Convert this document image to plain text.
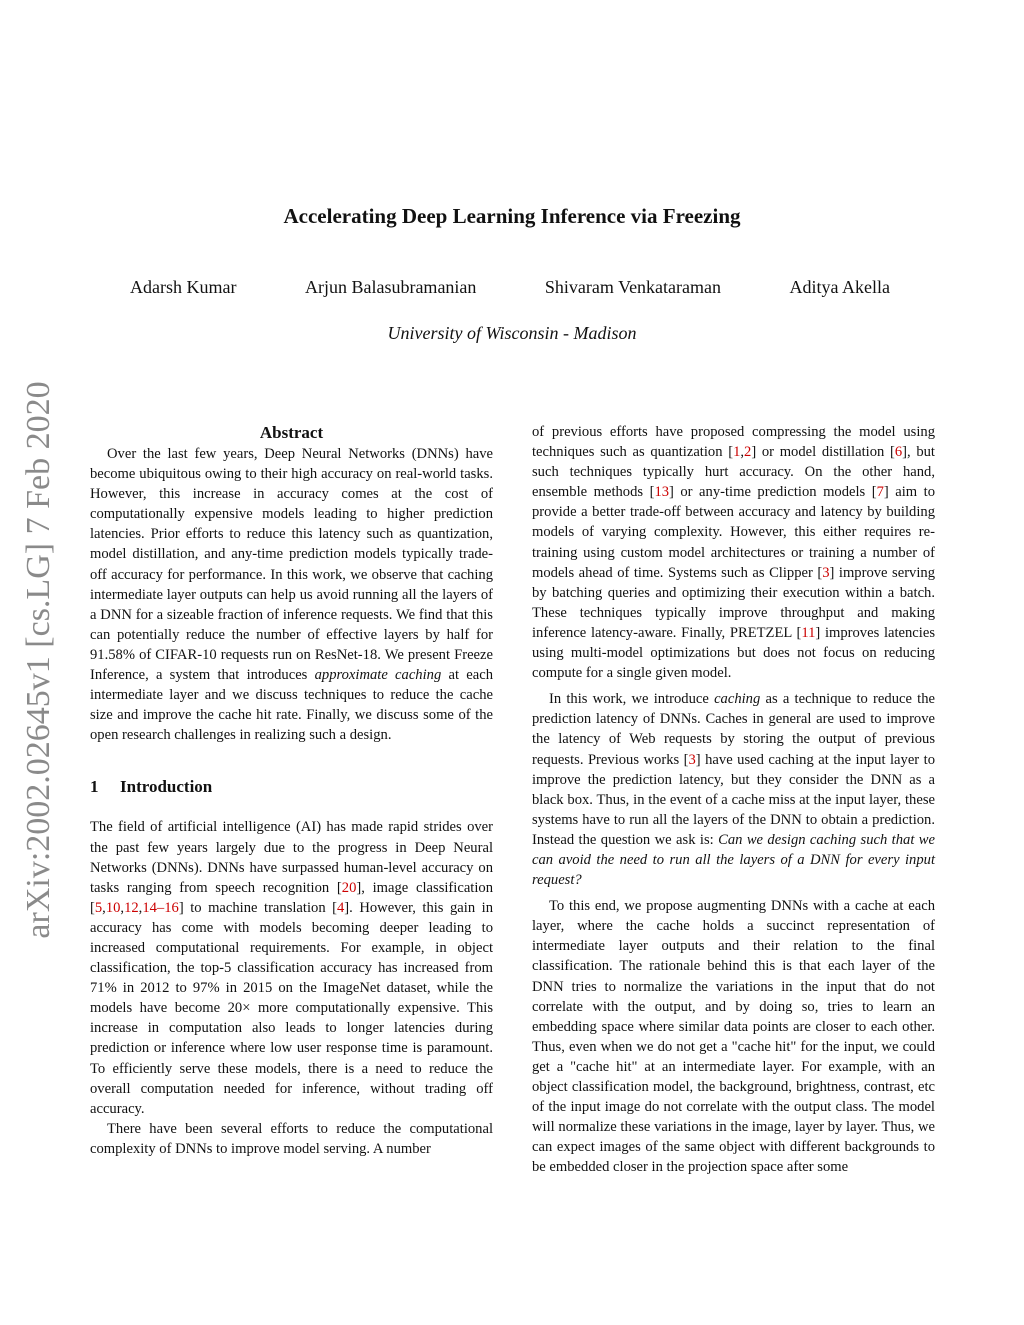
arXiv:2002.02645v1 [cs.LG] 7 Feb 2020
Accelerating Deep Learning Inference via Freezing
Adarsh Kumar	Arjun Balasubramanian	Shivaram Venkataraman	Aditya Akella
University of Wisconsin - Madison
Abstract

Over the last few years, Deep Neural Networks (DNNs) have become ubiquitous owing to their high accuracy on real-world tasks. However, this increase in accuracy comes at the cost of computationally expensive models leading to higher prediction latencies. Prior efforts to reduce this latency such as quantization, model distillation, and any-time prediction models typically trade-off accuracy for performance. In this work, we observe that caching intermediate layer outputs can help us avoid running all the layers of a DNN for a sizeable fraction of inference requests. We find that this can potentially reduce the number of effective layers by half for 91.58% of CIFAR-10 requests run on ResNet-18. We present Freeze Inference, a system that introduces approximate caching at each intermediate layer and we discuss techniques to reduce the cache size and improve the cache hit rate. Finally, we discuss some of the open research challenges in realizing such a design.

1 Introduction

The field of artificial intelligence (AI) has made rapid strides over the past few years largely due to the progress in Deep Neural Networks (DNNs). DNNs have surpassed human-level accuracy on tasks ranging from speech recognition [20], image classification [5,10,12,14–16] to machine translation [4]. However, this gain in accuracy has come with models becoming deeper leading to increased computational requirements. For example, in object classification, the top-5 classification accuracy has increased from 71% in 2012 to 97% in 2015 on the ImageNet dataset, while the models have become 20× more computationally expensive. This increase in computation also leads to longer latencies during prediction or inference where low user response time is paramount. To efficiently serve these models, there is a need to reduce the overall computation needed for inference, without trading off accuracy.

There have been several efforts to reduce the computational complexity of DNNs to improve model serving. A number

of previous efforts have proposed compressing the model using techniques such as quantization [1,2] or model distillation [6], but such techniques typically hurt accuracy. On the other hand, ensemble methods [13] or any-time prediction models [7] aim to provide a better trade-off between accuracy and latency by building models of varying complexity. However, this either requires re-training using custom model architectures or training a number of models ahead of time. Systems such as Clipper [3] improve serving by batching queries and optimizing their execution within a batch. These techniques typically improve throughput and making inference latency-aware. Finally, PRETZEL [11] improves latencies using multi-model optimizations but does not focus on reducing compute for a single given model.

In this work, we introduce caching as a technique to reduce the prediction latency of DNNs. Caches in general are used to improve the latency of Web requests by storing the output of previous requests. Previous works [3] have used caching at the input layer to improve the prediction latency, but they consider the DNN as a black box. Thus, in the event of a cache miss at the input layer, these systems have to run all the layers of the DNN to obtain a prediction. Instead the question we ask is: Can we design caching such that we can avoid the need to run all the layers of a DNN for every input request?

To this end, we propose augmenting DNNs with a cache at each layer, where the cache holds a succinct representation of intermediate layer outputs and their relation to the final classification. The rationale behind this is that each layer of the DNN tries to normalize the variations in the input that do not correlate with the output, and by doing so, tries to learn an embedding space where similar data points are closer to each other. Thus, even when we do not get a "cache hit" for the input, we could get a "cache hit" at an intermediate layer. For example, with an object classification model, the background, brightness, contrast, etc of the input image do not correlate with the output class. The model will normalize these variations in the image, layer by layer. Thus, we can expect images of the same object with different backgrounds to be embedded closer in the projection space after some
